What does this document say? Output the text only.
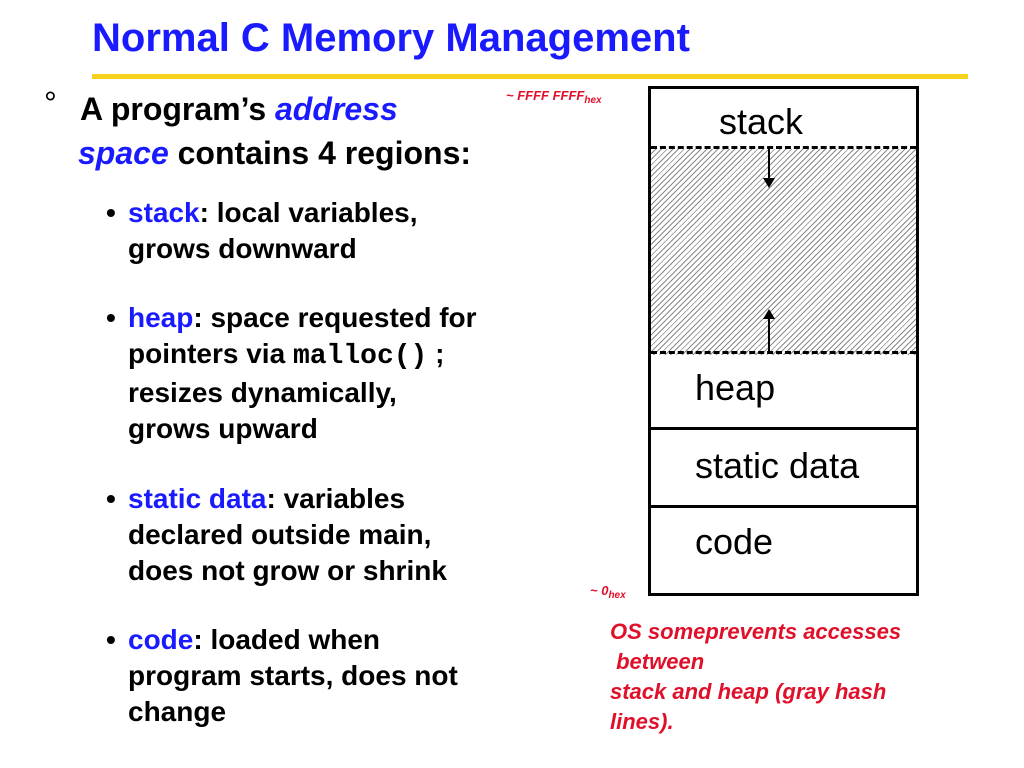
Normal C Memory Management
° A program’s address
space contains 4 regions:
• stack: local variables,
grows downward
• heap: space requested for
pointers via malloc() ;
resizes dynamically,
grows upward
• static data: variables
declared outside main,
does not grow or shrink
• code: loaded when
program starts, does not
change
~ FFFF $FFFF_{hex}$
~ $0_{hex}$
stack
heap
static data
code
OS someprevents accesses
between
stack and heap (gray hash
lines).
